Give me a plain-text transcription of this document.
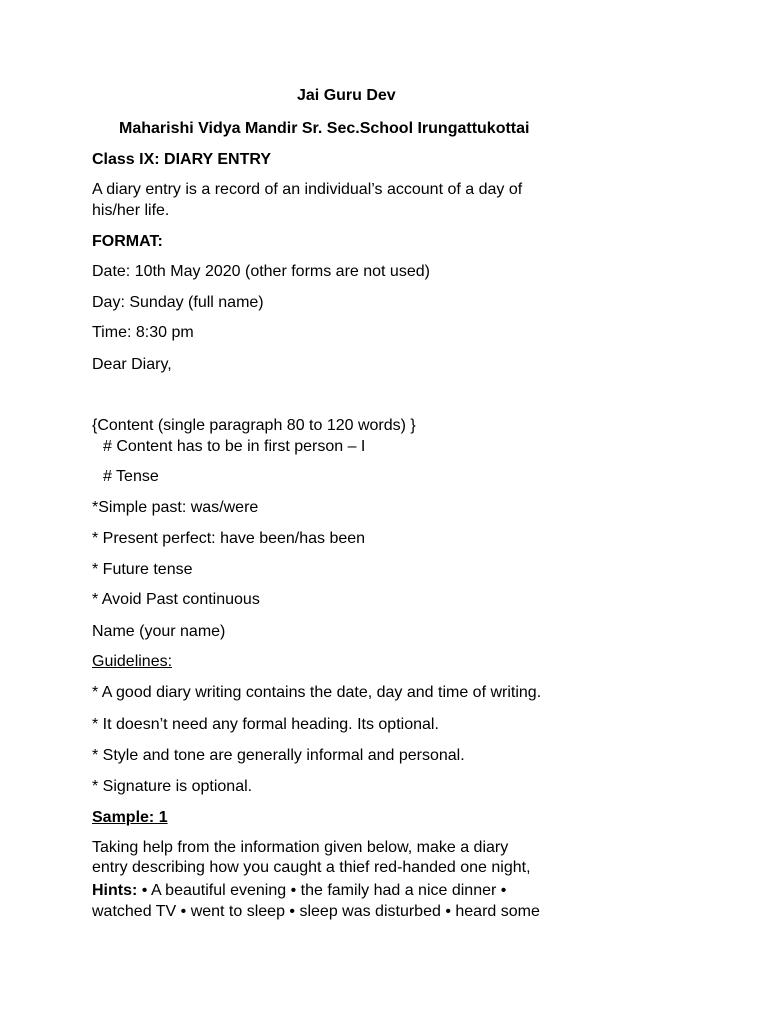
Jai Guru Dev
Maharishi Vidya Mandir Sr. Sec.School Irungattukottai
Class IX: DIARY ENTRY
A diary entry is a record of an individual’s account of a day of
his/her life.
FORMAT:
Date: 10th May 2020 (other forms are not used)
Day: Sunday (full name)
Time: 8:30 pm
Dear Diary,
{Content (single paragraph 80 to 120 words) }
# Content has to be in first person – I
# Tense
*Simple past: was/were
* Present perfect: have been/has been
* Future tense
* Avoid Past continuous
Name (your name)
Guidelines:
* A good diary writing contains the date, day and time of writing.
* It doesn’t need any formal heading. Its optional.
* Style and tone are generally informal and personal.
* Signature is optional.
Sample: 1
Taking help from the information given below, make a diary
entry describing how you caught a thief red-handed one night,
Hints: • A beautiful evening • the family had a nice dinner •
watched TV • went to sleep • sleep was disturbed • heard some
